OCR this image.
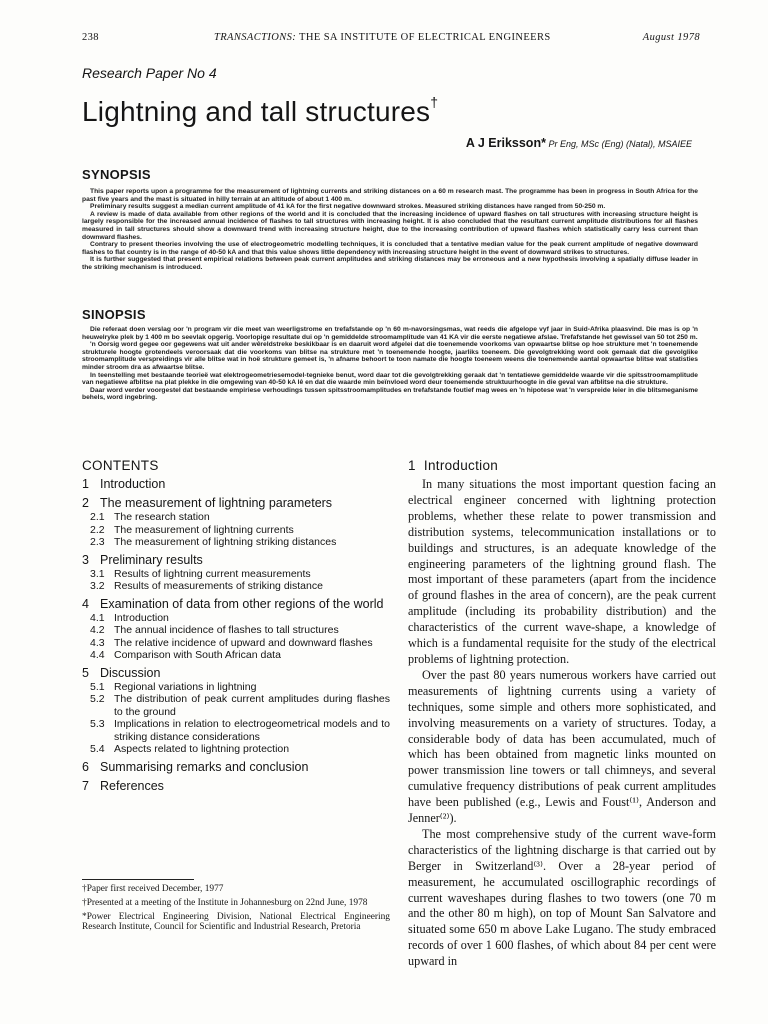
238	TRANSACTIONS: THE SA INSTITUTE OF ELECTRICAL ENGINEERS	August 1978
Research Paper No 4
Lightning and tall structures†
A J Eriksson* Pr Eng, MSc (Eng) (Natal), MSAIEE
SYNOPSIS

This paper reports upon a programme for the measurement of lightning currents and striking distances on a 60 m research mast. The programme has been in progress in South Africa for the past five years and the mast is situated in hilly terrain at an altitude of about 1 400 m.

Preliminary results suggest a median current amplitude of 41 kA for the first negative downward strokes. Measured striking distances have ranged from 50-250 m.

A review is made of data available from other regions of the world and it is concluded that the increasing incidence of upward flashes on tall structures with increasing structure height is largely responsible for the increased annual incidence of flashes to tall structures with increasing height. It is also concluded that the resultant current amplitude distributions for all flashes measured in tall structures should show a downward trend with increasing structure height, due to the increasing contribution of upward flashes which statistically carry less current than downward flashes.

Contrary to present theories involving the use of electrogeometric modelling techniques, it is concluded that a tentative median value for the peak current amplitude of negative downward flashes to flat country is in the range of 40-50 kA and that this value shows little dependency with increasing structure height in the event of downward strikes to structures.

It is further suggested that present empirical relations between peak current amplitudes and striking distances may be erroneous and a new hypothesis involving a spatially diffuse leader in the striking mechanism is introduced.

SINOPSIS

Die referaat doen verslag oor 'n program vir die meet van weerligstrome en trefafstande op 'n 60 m-navorsingsmas, wat reeds die afgelope vyf jaar in Suid-Afrika plaasvind. Die mas is op 'n heuwelryke plek by 1 400 m bo seevlak opgerig. Voorlopige resultate dui op 'n gemiddelde stroomamplitude van 41 KA vir die eerste negatiewe afslae. Trefafstande het gewissel van 50 tot 250 m.

'n Oorsig word gegee oor gegewens wat uit ander wêreldstreke beskikbaar is en daaruit word afgelei dat die toenemende voorkoms van opwaartse blitse op hoe strukture met 'n toenemende strukturele hoogte grotendeels veroorsaak dat die voorkoms van blitse na strukture met 'n toenemende hoogte, jaarliks toeneem. Die gevolgtrekking word ook gemaak dat die gevolglike stroomamplitude verspreidings vir alle blitse wat in hoë strukture gemeet is, 'n afname behoort te toon namate die hoogte toeneem weens die toenemende aantal opwaartse blitse wat statisties minder stroom dra as afwaartse blitse.

In teenstelling met bestaande teorieë wat elektrogeometriesemodel-tegnieke benut, word daar tot die gevolgtrekking geraak dat 'n tentatiewe gemiddelde waarde vir die spitsstroomamplitude van negatiewe afblitse na plat plekke in die omgewing van 40-50 kA lê en dat die waarde min beïnvloed word deur toenemende struktuurhoogte in die geval van afblitse na die strukture.

Daar word verder voorgestel dat bestaande empiriese verhoudings tussen spitsstroomamplitudes en trefafstande foutief mag wees en 'n hipotese wat 'n verspreide leier in die blitsmeganisme behels, word ingebring.

CONTENTS
1 Introduction
2 The measurement of lightning parameters
2.1 The research station
2.2 The measurement of lightning currents
2.3 The measurement of lightning striking distances
3 Preliminary results
3.1 Results of lightning current measurements
3.2 Results of measurements of striking distance
4 Examination of data from other regions of the world
4.1 Introduction
4.2 The annual incidence of flashes to tall structures
4.3 The relative incidence of upward and downward flashes
4.4 Comparison with South African data
5 Discussion
5.1 Regional variations in lightning
5.2 The distribution of peak current amplitudes during flashes to the ground
5.3 Implications in relation to electrogeometrical models and to striking distance considerations
5.4 Aspects related to lightning protection
6 Summarising remarks and conclusion
7 References

†Paper first received December, 1977

†Presented at a meeting of the Institute in Johannesburg on 22nd June, 1978

*Power Electrical Engineering Division, National Electrical Engineering Research Institute, Council for Scientific and Industrial Research, Pretoria

1 Introduction

In many situations the most important question facing an electrical engineer concerned with lightning protection problems, whether these relate to power transmission and distribution systems, telecommunication installations or to buildings and structures, is an adequate knowledge of the engineering parameters of the lightning ground flash. The most important of these parameters (apart from the incidence of ground flashes in the area of concern), are the peak current amplitude (including its probability distribution) and the characteristics of the current wave-shape, a knowledge of which is a fundamental requisite for the study of the electrical problems of lightning protection.

Over the past 80 years numerous workers have carried out measurements of lightning currents using a variety of techniques, some simple and others more sophisticated, and involving measurements on a variety of structures. Today, a considerable body of data has been accumulated, much of which has been obtained from magnetic links mounted on power transmission line towers or tall chimneys, and several cumulative frequency distributions of peak current amplitudes have been published (e.g., Lewis and Foust⁽¹⁾, Anderson and Jenner⁽²⁾).

The most comprehensive study of the current wave-form characteristics of the lightning discharge is that carried out by Berger in Switzerland⁽³⁾. Over a 28-year period of measurement, he accumulated oscillographic recordings of current waveshapes during flashes to two towers (one 70 m and the other 80 m high), on top of Mount San Salvatore and situated some 650 m above Lake Lugano. The study embraced records of over 1 600 flashes, of which about 84 per cent were upward in
